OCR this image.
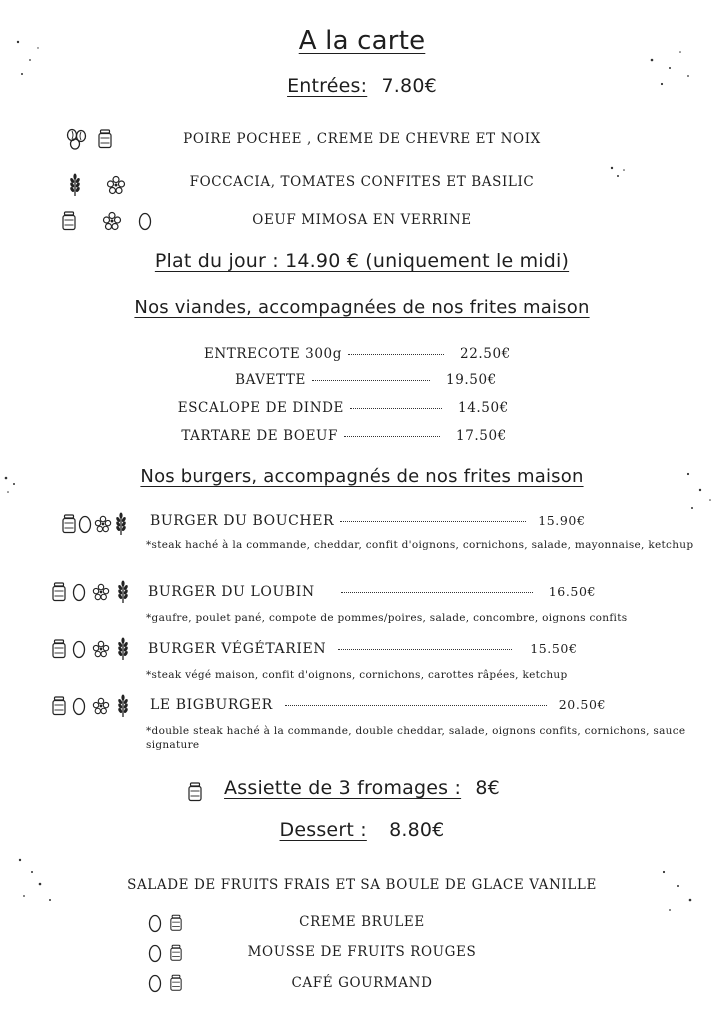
A la carte
Entrées: 7.80€
POIRE POCHEE , CREME DE CHEVRE ET NOIX
FOCCACIA, TOMATES CONFITES ET BASILIC
OEUF MIMOSA EN VERRINE
Plat du jour : 14.90 € (uniquement le midi)
Nos viandes, accompagnées de nos frites maison
ENTRECOTE 300g	22.50€
BAVETTE	19.50€
ESCALOPE DE DINDE	14.50€
TARTARE DE BOEUF	17.50€
Nos burgers, accompagnés de nos frites maison
BURGER DU BOUCHER	15.90€
*steak haché à la commande, cheddar, confit d'oignons, cornichons, salade, mayonnaise, ketchup
BURGER DU LOUBIN	16.50€
*gaufre, poulet pané, compote de pommes/poires, salade, concombre, oignons confits
BURGER VÉGÉTARIEN	15.50€
*steak végé maison, confit d'oignons, cornichons, carottes râpées, ketchup
LE BIGBURGER	20.50€
*double steak haché à la commande, double cheddar, salade, oignons confits, cornichons, sauce signature
Assiette de 3 fromages : 8€
Dessert : 8.80€
SALADE DE FRUITS FRAIS ET SA BOULE DE GLACE VANILLE
CREME BRULEE
MOUSSE DE FRUITS ROUGES
CAFÉ GOURMAND
